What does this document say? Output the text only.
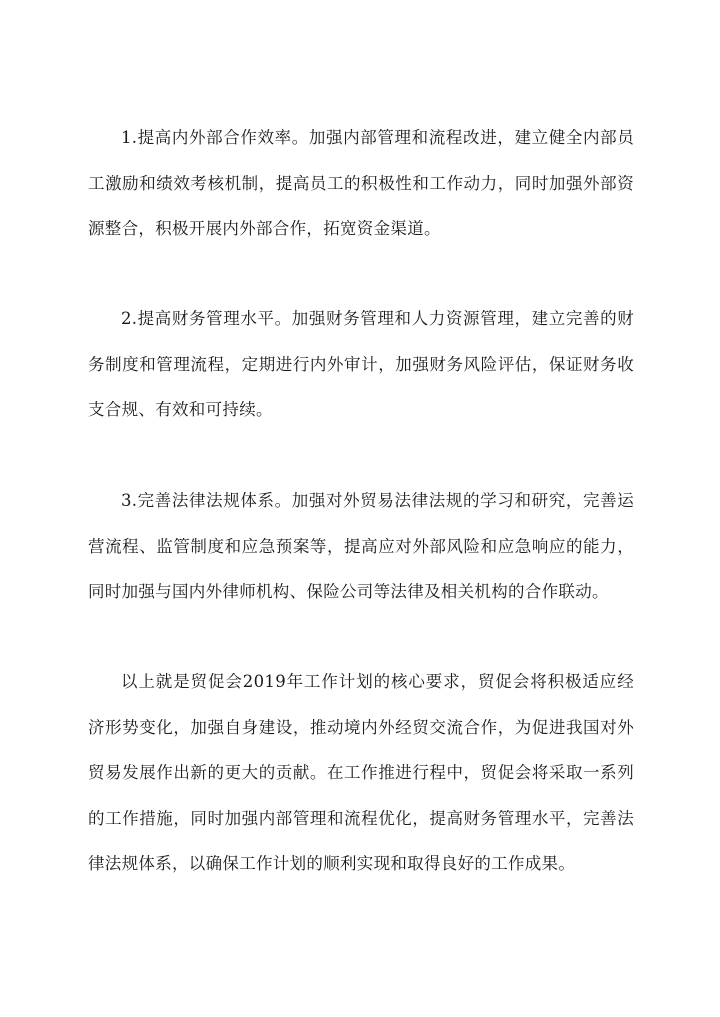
1.提高内外部合作效率。加强内部管理和流程改进，建立健全内部员工激励和绩效考核机制，提高员工的积极性和工作动力，同时加强外部资源整合，积极开展内外部合作，拓宽资金渠道。

2.提高财务管理水平。加强财务管理和人力资源管理，建立完善的财务制度和管理流程，定期进行内外审计，加强财务风险评估，保证财务收支合规、有效和可持续。

3.完善法律法规体系。加强对外贸易法律法规的学习和研究，完善运营流程、监管制度和应急预案等，提高应对外部风险和应急响应的能力，同时加强与国内外律师机构、保险公司等法律及相关机构的合作联动。

以上就是贸促会2019年工作计划的核心要求，贸促会将积极适应经济形势变化，加强自身建设，推动境内外经贸交流合作，为促进我国对外贸易发展作出新的更大的贡献。在工作推进行程中，贸促会将采取一系列的工作措施，同时加强内部管理和流程优化，提高财务管理水平，完善法律法规体系，以确保工作计划的顺利实现和取得良好的工作成果。
